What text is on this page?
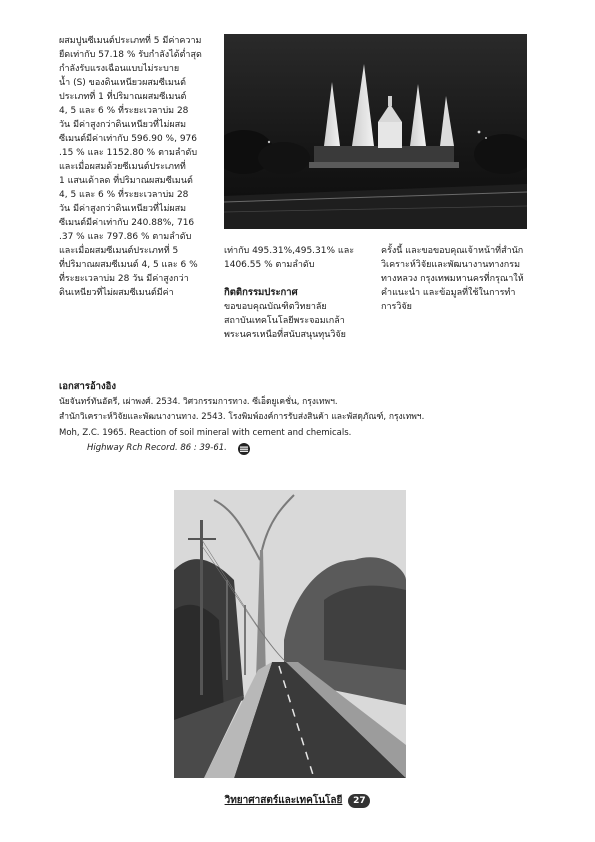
ผสมปูนซีเมนต์ประเภทที่ 5 มีค่าความ
ยืดเท่ากับ 57.18 % รับกำลังได้ต่ำสุด
กำลังรับแรงเฉือนแบบไม่ระบาย
น้ำ (S) ของดินเหนียวผสมซีเมนต์
ประเภทที่ 1 ที่ปริมาณผสมซีเมนต์
4, 5 และ 6 % ที่ระยะเวลาบ่ม 28
วัน มีค่าสูงกว่าดินเหนียวที่ไม่ผสม
ซีเมนต์มีค่าเท่ากับ 596.90 %, 976
.15 % และ 1152.80 % ตามลำดับ
และเมื่อผสมด้วยซีเมนต์ประเภทที่
1 แสนเด้าลด ที่ปริมาณผสมซีเมนต์
4, 5 และ 6 % ที่ระยะเวลาบ่ม 28
วัน มีค่าสูงกว่าดินเหนียวที่ไม่ผสม
ซีเมนต์มีค่าเท่ากับ 240.88%, 716
.37 % และ 797.86 % ตามลำดับ
และเมื่อผสมซีเมนต์ประเภทที่ 5
ที่ปริมาณผสมซีเมนต์ 4, 5 และ 6 %
ที่ระยะเวลาบ่ม 28 วัน มีค่าสูงกว่า
ดินเหนียวที่ไม่ผสมซีเมนต์มีค่า

เท่ากับ 495.31%,495.31% และ
1406.55 % ตามลำดับ

กิตติกรรมประกาศ

ขอขอบคุณบัณฑิตวิทยาลัย
สถาบันเทคโนโลยีพระจอมเกล้า
พระนครเหนือที่สนับสนุนทุนวิจัย

ครั้งนี้ และขอขอบคุณเจ้าหน้าที่สำนัก
วิเคราะห์วิจัยและพัฒนางานทางกรม
ทางหลวง กรุงเทพมหานครที่กรุณาให้
คำแนะนำ และข้อมูลที่ใช้ในการทำ
การวิจัย

เอกสารอ้างอิง

นัยจันทร์ทันอัตรี, เผ่าพงศ์. 2534. วิศวกรรมการทาง. ซีเอ็ดยูเคชั่น, กรุงเทพฯ.

สำนักวิเคราะห์วิจัยและพัฒนางานทาง. 2543. โรงพิมพ์องค์การรับส่งสินค้า และพัสดุภัณฑ์, กรุงเทพฯ.

Moh, Z.C. 1965. Reaction of soil mineral with cement and chemicals.

Highway Rch Record. 86 : 39-61.

วิทยาศาสตร์และเทคโนโลยี	27
